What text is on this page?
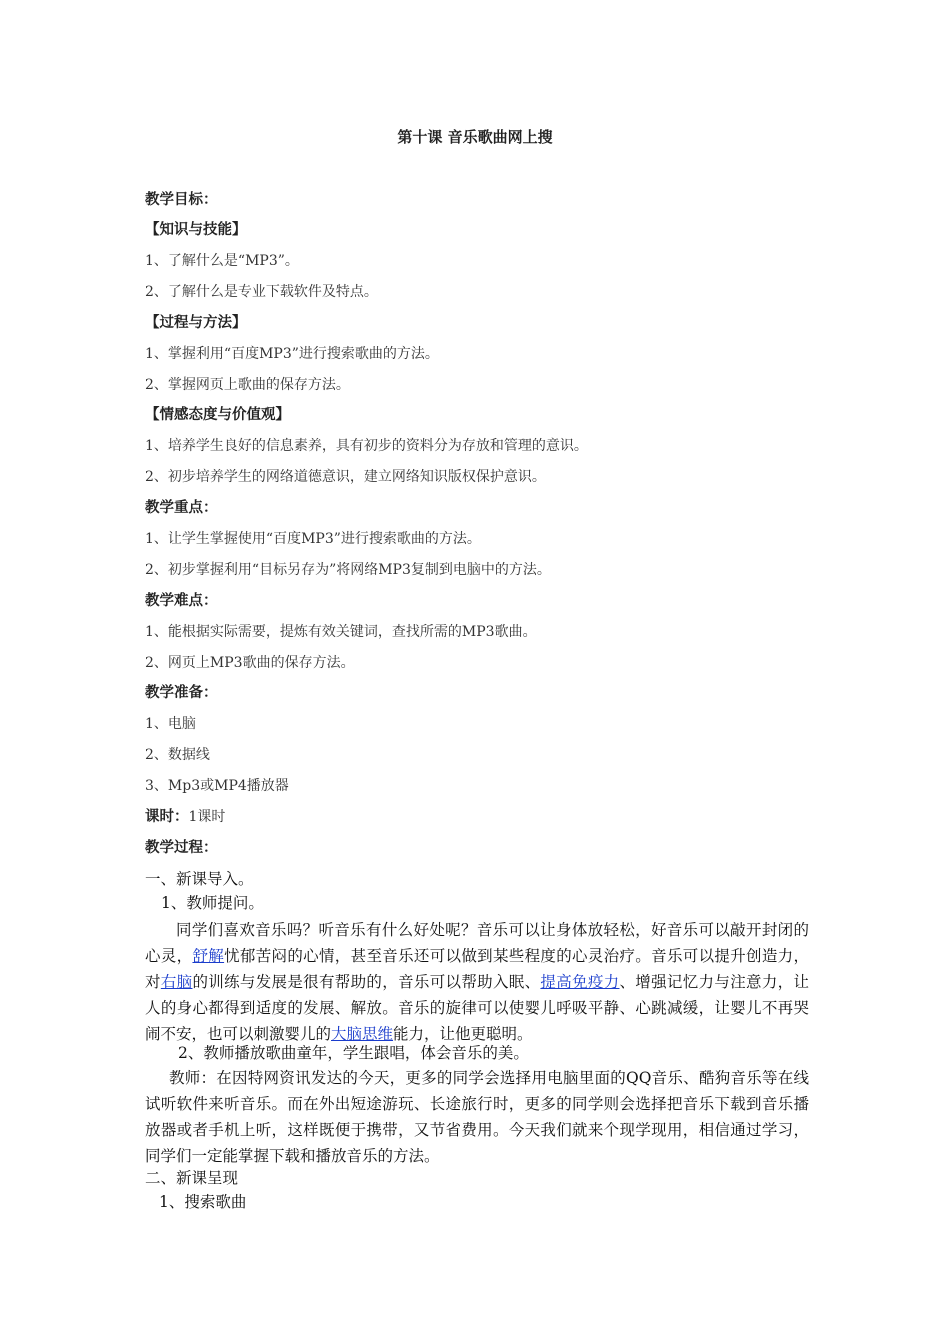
第十课 音乐歌曲网上搜
教学目标：
【知识与技能】
1、了解什么是“MP3”。
2、了解什么是专业下载软件及特点。
【过程与方法】
1、掌握利用“百度MP3”进行搜索歌曲的方法。
2、掌握网页上歌曲的保存方法。
【情感态度与价值观】
1、培养学生良好的信息素养，具有初步的资料分为存放和管理的意识。
2、初步培养学生的网络道德意识，建立网络知识版权保护意识。
教学重点：
1、让学生掌握使用“百度MP3”进行搜索歌曲的方法。
2、初步掌握利用“目标另存为”将网络MP3复制到电脑中的方法。
教学难点：
1、能根据实际需要，提炼有效关键词，查找所需的MP3歌曲。
2、网页上MP3歌曲的保存方法。
教学准备：
1、电脑
2、数据线
3、Mp3或MP4播放器
课时：1课时
教学过程：
一、新课导入。
1、教师提问。
同学们喜欢音乐吗？听音乐有什么好处呢？音乐可以让身体放轻松，好音乐可以敲开封闭的心灵，舒解忧郁苦闷的心情，甚至音乐还可以做到某些程度的心灵治疗。音乐可以提升创造力，对右脑的训练与发展是很有帮助的，音乐可以帮助入眠、提高免疫力、增强记忆力与注意力，让人的身心都得到适度的发展、解放。音乐的旋律可以使婴儿呼吸平静、心跳减缓，让婴儿不再哭闹不安，也可以刺激婴儿的大脑思维能力，让他更聪明。
2、教师播放歌曲童年，学生跟唱，体会音乐的美。
教师：在因特网资讯发达的今天，更多的同学会选择用电脑里面的QQ音乐、酷狗音乐等在线试听软件来听音乐。而在外出短途游玩、长途旅行时，更多的同学则会选择把音乐下载到音乐播放器或者手机上听，这样既便于携带，又节省费用。今天我们就来个现学现用，相信通过学习，同学们一定能掌握下载和播放音乐的方法。
二、新课呈现
1、搜索歌曲
